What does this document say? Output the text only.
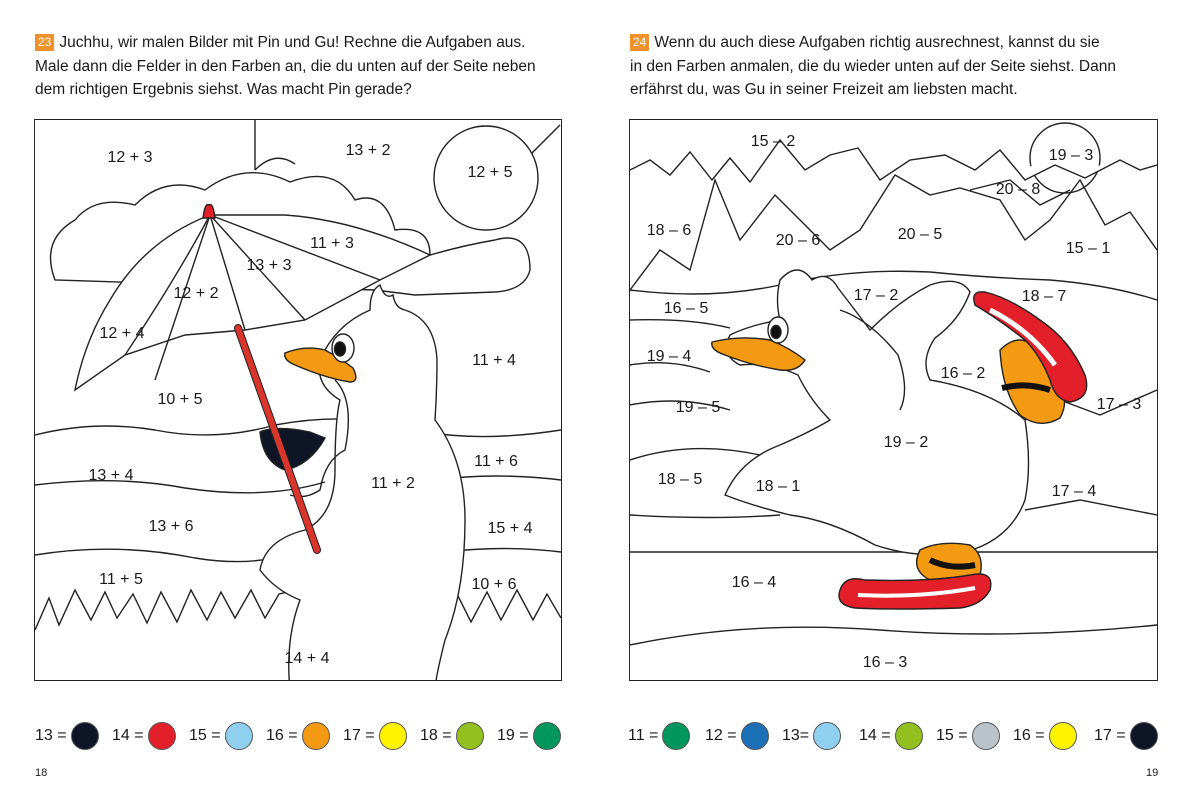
23 Juchhu, wir malen Bilder mit Pin und Gu! Rechne die Aufgaben aus.
Male dann die Felder in den Farben an, die du unten auf der Seite neben
dem richtigen Ergebnis siehst. Was macht Pin gerade?
12 + 3	13 + 2
12 + 5
11 + 3
13 + 3
12 + 2
12 + 4
10 + 5
11 + 4
13 + 4	11 + 2
11 + 6
13 + 6	15 + 4
11 + 5	10 + 6
14 + 4
13 =	14 =	15 =	16 =	17 =	18 =	19 =
18
24 Wenn du auch diese Aufgaben richtig ausrechnest, kannst du sie
in den Farben anmalen, die du wieder unten auf der Seite siehst. Dann
erfährst du, was Gu in seiner Freizeit am liebsten macht.
15 – 2
19 – 3
20 – 8
18 – 6
20 – 6	20 – 5
15 – 1
16 – 5
17 – 2	18 – 7
19 – 4
16 – 2
19 – 5	17 – 3
19 – 2
18 – 5	18 – 1	17 – 4
16 – 4
16 – 3
11 =	12 =	13=	14 =	15 =	16 =	17 =
19
